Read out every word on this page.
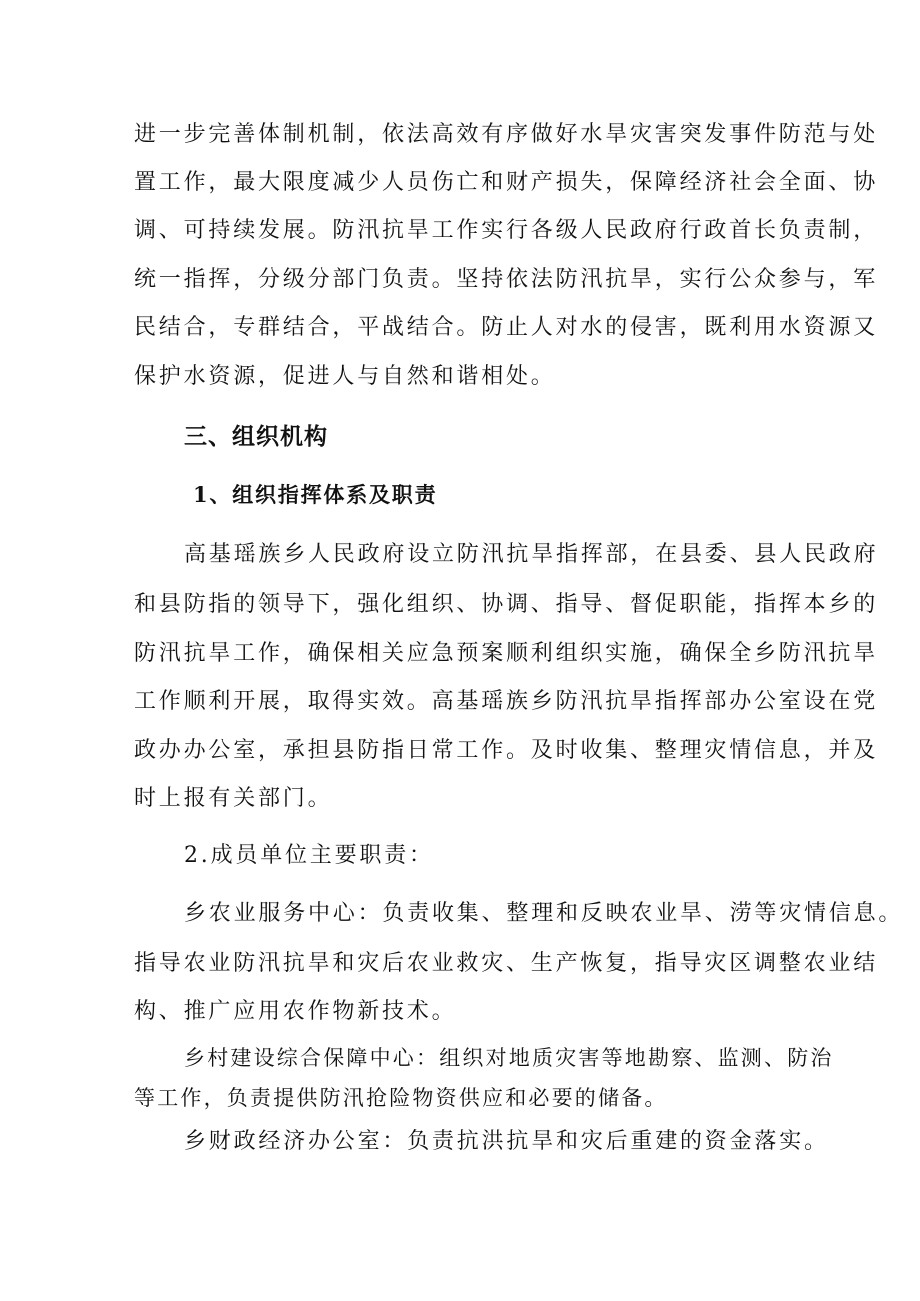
进一步完善体制机制，依法高效有序做好水旱灾害突发事件防范与处
置工作，最大限度减少人员伤亡和财产损失，保障经济社会全面、协
调、可持续发展。防汛抗旱工作实行各级人民政府行政首长负责制，
统一指挥，分级分部门负责。坚持依法防汛抗旱，实行公众参与，军
民结合，专群结合，平战结合。防止人对水的侵害，既利用水资源又
保护水资源，促进人与自然和谐相处。
三、组织机构
1、组织指挥体系及职责
高基瑶族乡人民政府设立防汛抗旱指挥部，在县委、县人民政府
和县防指的领导下，强化组织、协调、指导、督促职能，指挥本乡的
防汛抗旱工作，确保相关应急预案顺利组织实施，确保全乡防汛抗旱
工作顺利开展，取得实效。高基瑶族乡防汛抗旱指挥部办公室设在党
政办办公室，承担县防指日常工作。及时收集、整理灾情信息，并及
时上报有关部门。
2.成员单位主要职责：
乡农业服务中心：负责收集、整理和反映农业旱、涝等灾情信息。
指导农业防汛抗旱和灾后农业救灾、生产恢复，指导灾区调整农业结
构、推广应用农作物新技术。
乡村建设综合保障中心：组织对地质灾害等地勘察、监测、防治
等工作，负责提供防汛抢险物资供应和必要的储备。
乡财政经济办公室：负责抗洪抗旱和灾后重建的资金落实。
